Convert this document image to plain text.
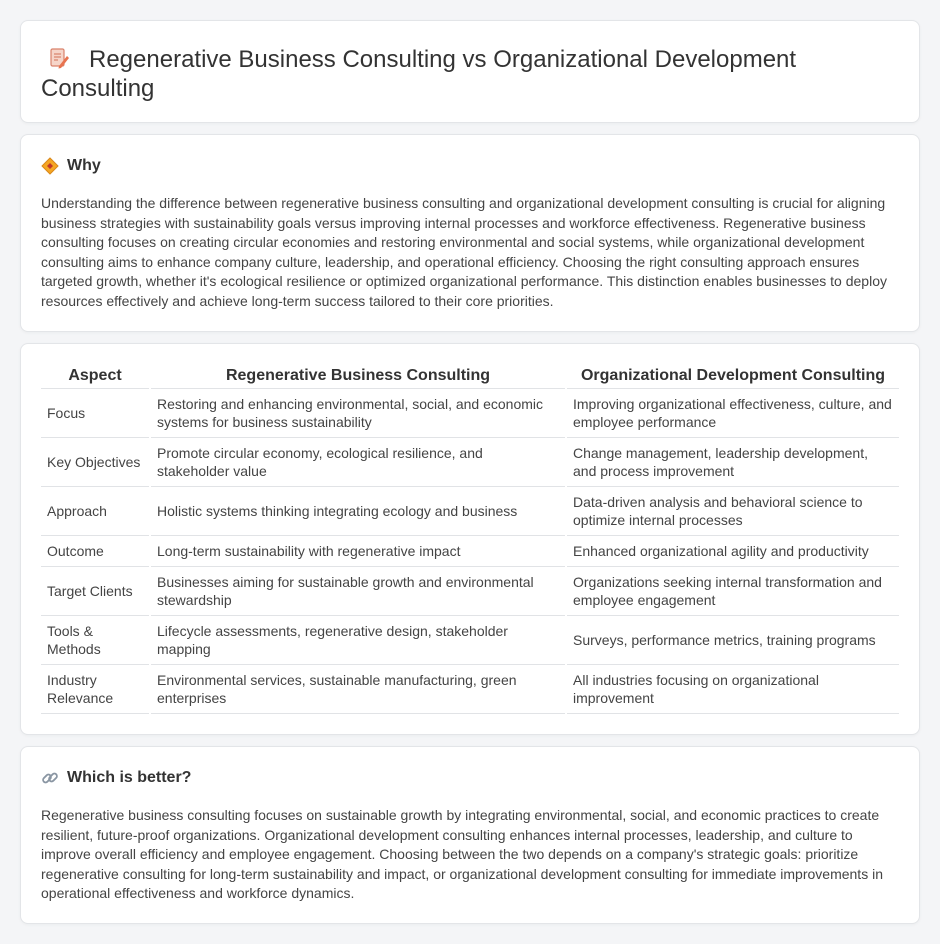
Regenerative Business Consulting vs Organizational Development Consulting
Why

Understanding the difference between regenerative business consulting and organizational development consulting is crucial for aligning business strategies with sustainability goals versus improving internal processes and workforce effectiveness. Regenerative business consulting focuses on creating circular economies and restoring environmental and social systems, while organizational development consulting aims to enhance company culture, leadership, and operational efficiency. Choosing the right consulting approach ensures targeted growth, whether it's ecological resilience or optimized organizational performance. This distinction enables businesses to deploy resources effectively and achieve long-term success tailored to their core priorities.

Aspect	Regenerative Business Consulting	Organizational Development Consulting
Focus	Restoring and enhancing environmental, social, and economic systems for business sustainability	Improving organizational effectiveness, culture, and employee performance
Key Objectives	Promote circular economy, ecological resilience, and stakeholder value	Change management, leadership development, and process improvement
Approach	Holistic systems thinking integrating ecology and business	Data-driven analysis and behavioral science to optimize internal processes
Outcome	Long-term sustainability with regenerative impact	Enhanced organizational agility and productivity
Target Clients	Businesses aiming for sustainable growth and environmental stewardship	Organizations seeking internal transformation and employee engagement
Tools & Methods	Lifecycle assessments, regenerative design, stakeholder mapping	Surveys, performance metrics, training programs
Industry Relevance	Environmental services, sustainable manufacturing, green enterprises	All industries focusing on organizational improvement
Which is better?

Regenerative business consulting focuses on sustainable growth by integrating environmental, social, and economic practices to create resilient, future-proof organizations. Organizational development consulting enhances internal processes, leadership, and culture to improve overall efficiency and employee engagement. Choosing between the two depends on a company's strategic goals: prioritize regenerative consulting for long-term sustainability and impact, or organizational development consulting for immediate improvements in operational effectiveness and workforce dynamics.
